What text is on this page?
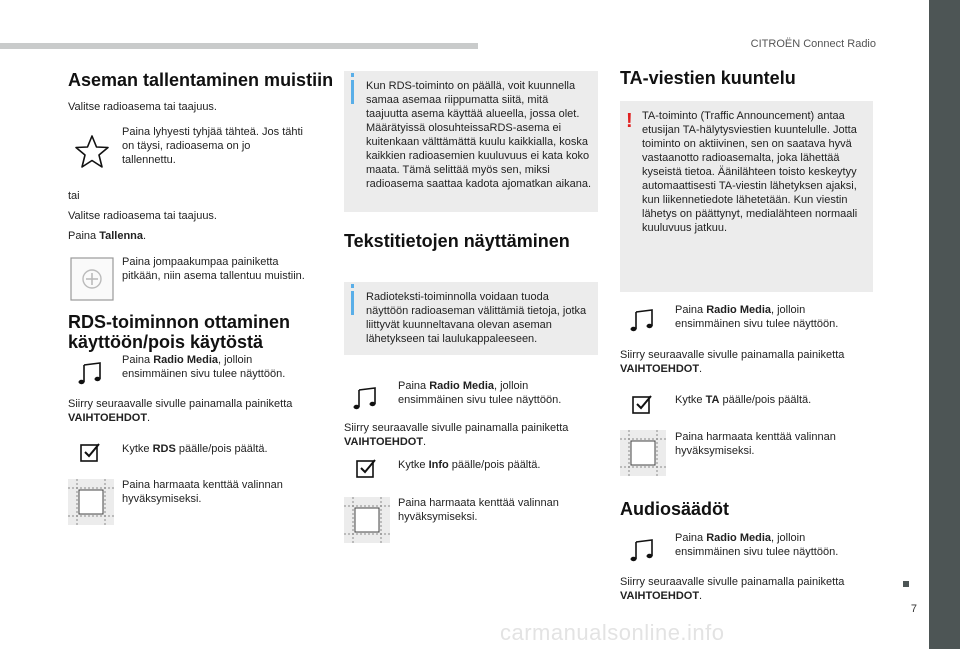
CITROËN Connect Radio
7
carmanualsonline.info
Aseman tallentaminen muistiin

Valitse radioasema tai taajuus.

Paina lyhyesti tyhjää tähteä. Jos tähti on täysi, radioasema on jo tallennettu.

tai

Valitse radioasema tai taajuus.

Paina Tallenna.

Paina jompaakumpaa painiketta pitkään, niin asema tallentuu muistiin.

RDS-toiminnon ottaminen käyttöön/pois käytöstä

Paina Radio Media, jolloin ensimmäinen sivu tulee näyttöön.

Siirry seuraavalle sivulle painamalla painiketta
VAIHTOEHDOT.

Kytke RDS päälle/pois päältä.

Paina harmaata kenttää valinnan hyväksymiseksi.

Kun RDS-toiminto on päällä, voit kuunnella samaa asemaa riippumatta siitä, mitä taajuutta asema käyttää alueella, jossa olet. Määrätyissä olosuhteissaRDS-asema ei kuitenkaan välttämättä kuulu kaikkialla, koska kaikkien radioasemien kuuluvuus ei kata koko maata. Tämä selittää myös sen, miksi radioasema saattaa kadota ajomatkan aikana.

Tekstitietojen näyttäminen

Radioteksti-toiminnolla voidaan tuoda näyttöön radioaseman välittämiä tietoja, jotka liittyvät kuunneltavana olevan aseman lähetykseen tai laulukappaleeseen.

Paina Radio Media, jolloin ensimmäinen sivu tulee näyttöön.

Siirry seuraavalle sivulle painamalla painiketta
VAIHTOEHDOT.

Kytke Info päälle/pois päältä.

Paina harmaata kenttää valinnan hyväksymiseksi.

TA-viestien kuuntelu
! TA-toiminto (Traffic Announcement) antaa etusijan TA-hälytysviestien kuuntelulle. Jotta toiminto on aktiivinen, sen on saatava hyvä vastaanotto radioasemalta, joka lähettää kyseistä tietoa. Äänilähteen toisto keskeytyy automaattisesti TA-viestin lähetyksen ajaksi, kun liikennetiedote lähetetään. Kun viestin lähetys on päättynyt, medialähteen normaali kuuluvuus jatkuu.

Paina Radio Media, jolloin ensimmäinen sivu tulee näyttöön.

Siirry seuraavalle sivulle painamalla painiketta
VAIHTOEHDOT.

Kytke TA päälle/pois päältä.

Paina harmaata kenttää valinnan hyväksymiseksi.

Audiosäädöt

Paina Radio Media, jolloin ensimmäinen sivu tulee näyttöön.

Siirry seuraavalle sivulle painamalla painiketta
VAIHTOEHDOT.
